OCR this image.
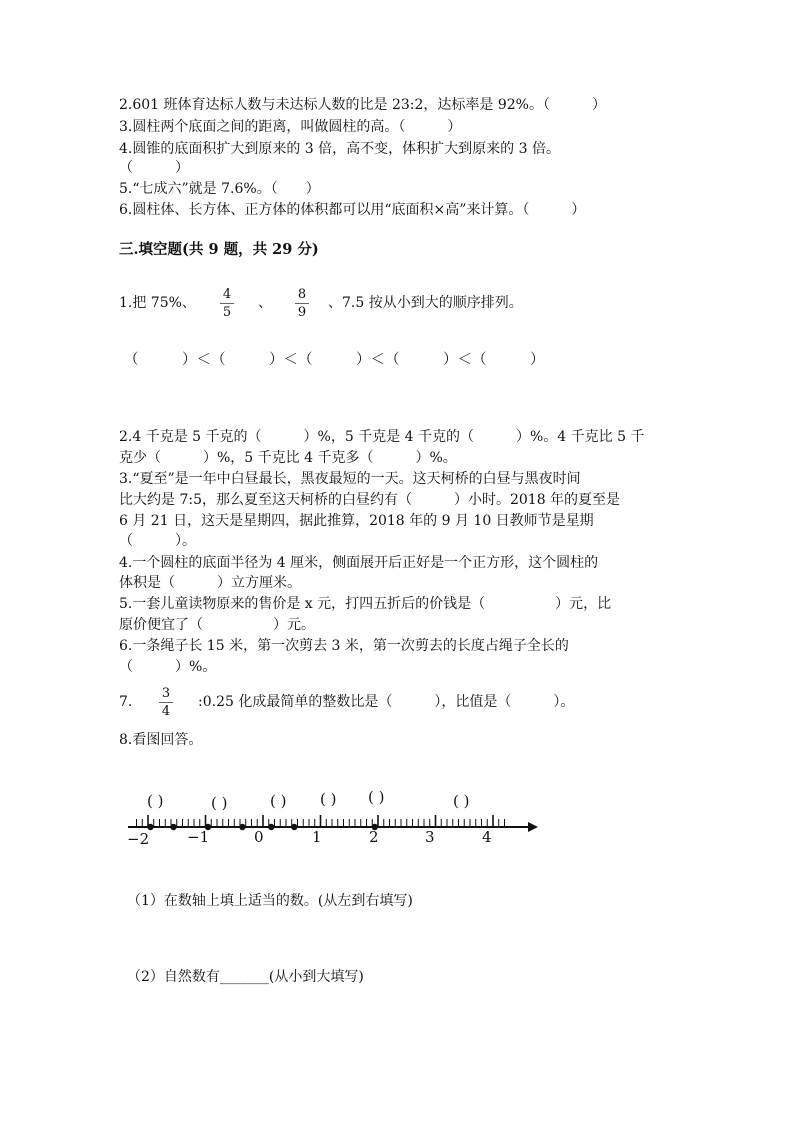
2.601 班体育达标人数与未达标人数的比是 23:2，达标率是 92%。（　　　）
3.圆柱两个底面之间的距离，叫做圆柱的高。（　　　）
4.圆锥的底面积扩大到原来的 3 倍，高不变，体积扩大到原来的 3 倍。
（　　　）
5.“七成六”就是 7.6%。（　　）
6.圆柱体、长方体、正方体的体积都可以用“底面积×高”来计算。（　　　）
三.填空题(共 9 题，共 29 分)
1.把 75%、
4
5
、
8
9
、7.5 按从小到大的顺序排列。
（　　　）＜（　　　）＜（　　　）＜（　　　）＜（　　　）
2.4 千克是 5 千克的（　　　）%，5 千克是 4 千克的（　　　）%。4 千克比 5 千
克少（　　　）%，5 千克比 4 千克多（　　　）%。
3.“夏至”是一年中白昼最长，黑夜最短的一天。这天柯桥的白昼与黑夜时间
比大约是 7:5，那么夏至这天柯桥的白昼约有（　　　）小时。2018 年的夏至是
6 月 21 日，这天是星期四，据此推算，2018 年的 9 月 10 日教师节是星期
（　　　）。
4.一个圆柱的底面半径为 4 厘米，侧面展开后正好是一个正方形，这个圆柱的
体积是（　　　）立方厘米。
5.一套儿童读物原来的售价是 x 元，打四五折后的价钱是（　　　　　）元，比
原价便宜了（　　　　　）元。
6.一条绳子长 15 米，第一次剪去 3 米，第一次剪去的长度占绳子全长的
（　　　）%。
7.
3
4
:0.25 化成最简单的整数比是（　　　），比值是（　　　）。
8.看图回答。
( )	( )	( ) ( ) ( )	( )
−2	−1	0	1	2	3	4
（1）在数轴上填上适当的数。(从左到右填写)
（2）自然数有_______(从小到大填写)
